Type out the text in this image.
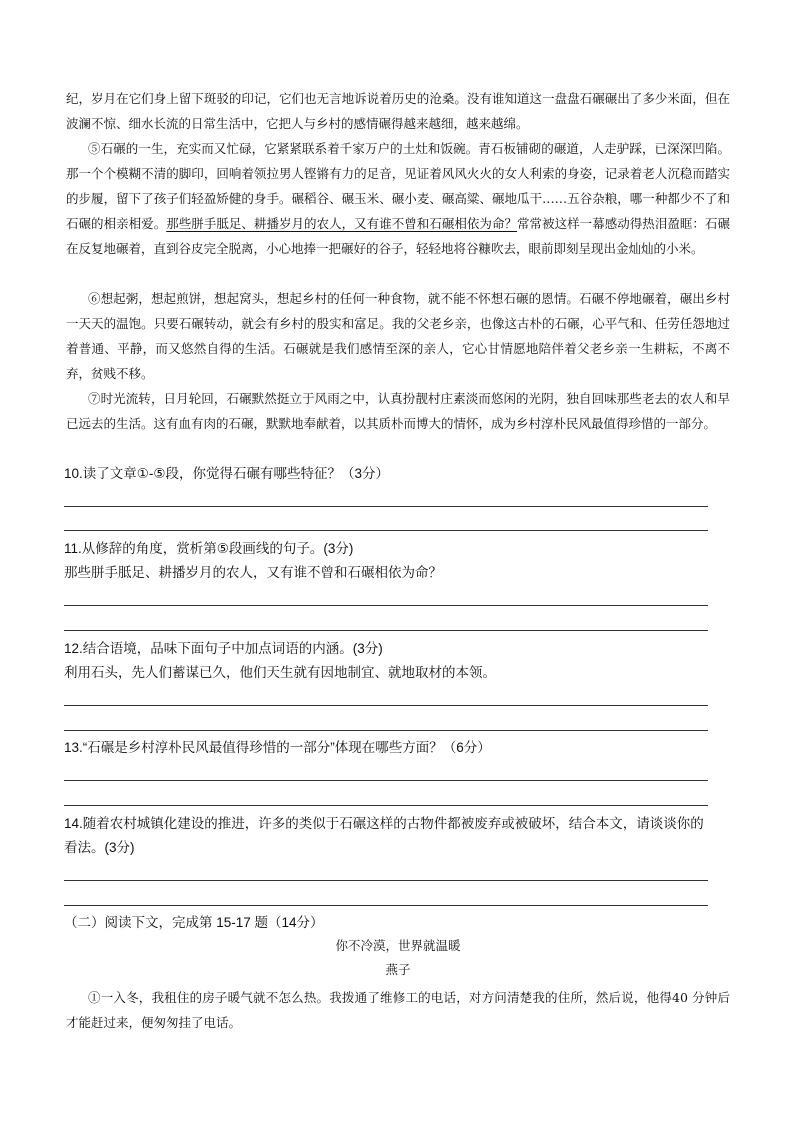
纪，岁月在它们身上留下斑驳的印记，它们也无言地诉说着历史的沧桑。没有谁知道这一盘盘石碾碾出了多少米面，但在波澜不惊、细水长流的日常生活中，它把人与乡村的感情碾得越来越细，越来越绵。

⑤石碾的一生，充实而又忙碌，它紧紧联系着千家万户的土灶和饭碗。青石板铺砌的碾道，人走驴踩，已深深凹陷。那一个个模糊不清的脚印，回响着领拉男人铿锵有力的足音，见证着风风火火的女人利索的身姿，记录着老人沉稳而踏实的步履，留下了孩子们轻盈矫健的身手。碾稻谷、碾玉米、碾小麦、碾高粱、碾地瓜干……五谷杂粮，哪一种都少不了和石碾的相亲相爱。那些胼手胝足、耕播岁月的农人，又有谁不曾和石碾相依为命？常常被这样一幕感动得热泪盈眶：石碾在反复地碾着，直到谷皮完全脱离，小心地捧一把碾好的谷子，轻轻地将谷糠吹去，眼前即刻呈现出金灿灿的小米。

⑥想起粥，想起煎饼，想起窝头，想起乡村的任何一种食物，就不能不怀想石碾的恩情。石碾不停地碾着，碾出乡村一天天的温饱。只要石碾转动，就会有乡村的殷实和富足。我的父老乡亲，也像这古朴的石碾，心平气和、任劳任怨地过着普通、平静，而又悠然自得的生活。石碾就是我们感情至深的亲人，它心甘情愿地陪伴着父老乡亲一生耕耘，不离不弃，贫贱不移。

⑦时光流转，日月轮回，石碾默然挺立于风雨之中，认真扮靓村庄素淡而悠闲的光阴，独自回味那些老去的农人和早已远去的生活。这有血有肉的石碾，默默地奉献着，以其质朴而博大的情怀，成为乡村淳朴民风最值得珍惜的一部分。

10.读了文章①-⑤段，你觉得石碾有哪些特征？（3分）

11.从修辞的角度，赏析第⑤段画线的句子。(3分)

那些胼手胝足、耕播岁月的农人，又有谁不曾和石碾相依为命？

12.结合语境，品味下面句子中加点词语的内涵。(3分)

利用石头，先人们蓄谋已久，他们天生就有因地制宜、就地取材的本领。

13.“石碾是乡村淳朴民风最值得珍惜的一部分”体现在哪些方面？（6分）

14.随着农村城镇化建设的推进，许多的类似于石碾这样的古物件都被废弃或被破坏，结合本文，请谈谈你的

看法。(3分)

（二）阅读下文，完成第 15-17 题（14分）

你不冷漠，世界就温暖

燕子

①一入冬，我租住的房子暖气就不怎么热。我拨通了维修工的电话，对方问清楚我的住所，然后说，他得40 分钟后才能赶过来，便匆匆挂了电话。
